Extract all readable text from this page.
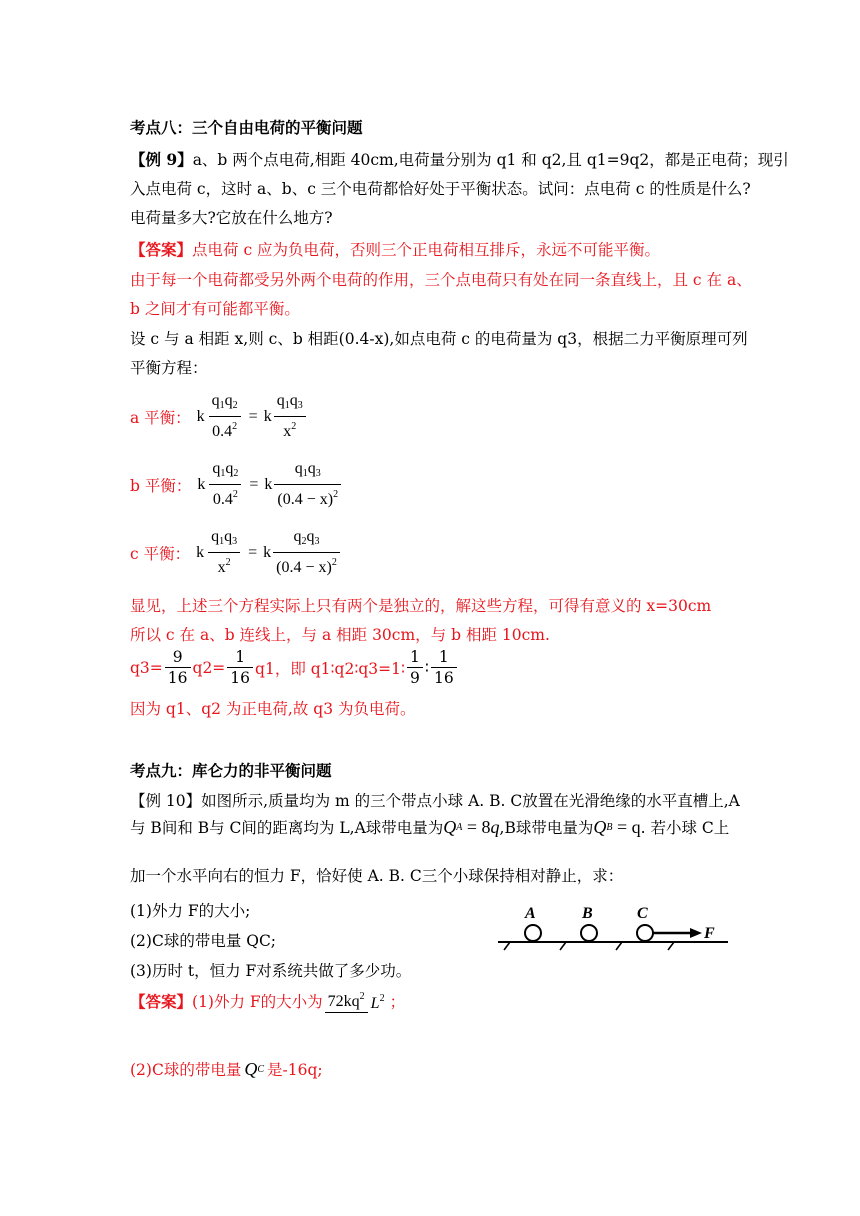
考点八：三个自由电荷的平衡问题
【例 9】a、b 两个点电荷,相距 40cm,电荷量分别为 q1 和 q2,且 q1=9q2，都是正电荷；现引
入点电荷 c，这时 a、b、c 三个电荷都恰好处于平衡状态。试问：点电荷 c 的性质是什么?
电荷量多大?它放在什么地方?
【答案】点电荷 c 应为负电荷，否则三个正电荷相互排斥，永远不可能平衡。
由于每一个电荷都受另外两个电荷的作用，三个点电荷只有处在同一条直线上，且 c 在 a、
b 之间才有可能都平衡。
设 c 与 a 相距 x,则 c、b 相距(0.4-x),如点电荷 c 的电荷量为 q3，根据二力平衡原理可列
平衡方程：
a 平衡： k $\frac{q_1q_2}{0.4^2} = k \frac{q_1q_3}{x^2}$
b 平衡： k $\frac{q_1q_2}{0.4^2} = k \frac{q_1q_3}{(0.4 - x)^2}$
c 平衡： k $\frac{q_1q_3}{x^2} = k \frac{q_2q_3}{(0.4 - x)^2}$
显见，上述三个方程实际上只有两个是独立的，解这些方程，可得有意义的 x=30cm
所以 c 在 a、b 连线上，与 a 相距 30cm，与 b 相距 10cm.
$q3= \frac{9}{16} q2= \frac{1}{16} q1$，即 q1∶q2∶q3=1∶ $\frac{1}{9}$ ∶ $\frac{1}{16}$
因为 q1、q2 为正电荷,故 q3 为负电荷。
考点九：库仑力的非平衡问题
【例 10】如图所示,质量均为 m 的三个带点小球 A. B. C放置在光滑绝缘的水平直槽上,A
与 B间和 B与 C间的距离均为 L,A球带电量为 Q A = 8 q ,B球带电量为 Q B = q . 若小球 C上
加一个水平向右的恒力 F，恰好使 A. B. C三个小球保持相对静止，求：
(1)外力 F的大小;
(2)C球的带电量 QC;
(3)历时 t，恒力 F对系统共做了多少功。
A	B	C
F
【答案】 (1)外力 F的大小为 $72kq^2$ $L^2$ ；
(2)C球的带电量 Q C 是-16q;
